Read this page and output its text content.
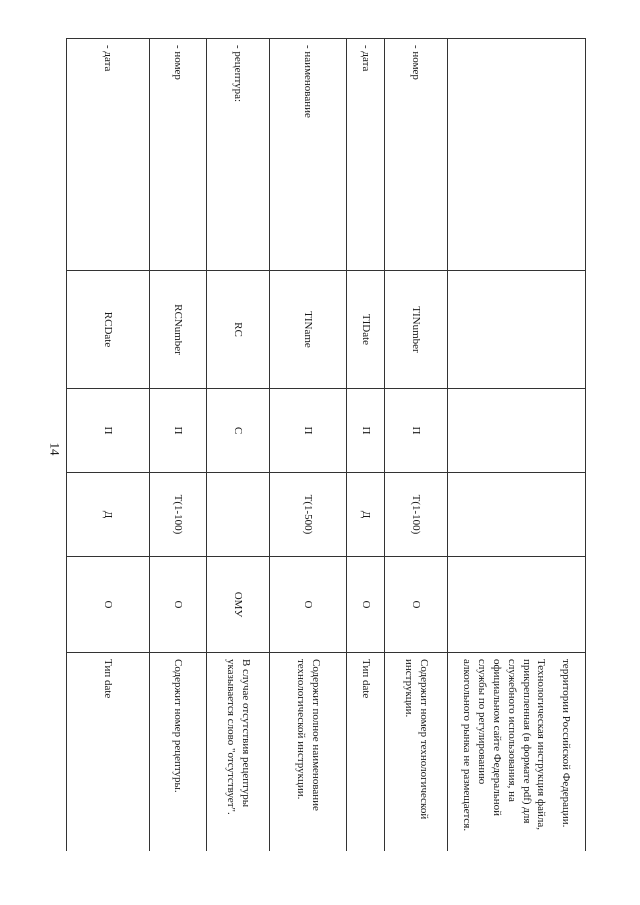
14

					территории Российской Федерации.
Технологическая инструкция файла, прикрепленная (в формате pdf) для служебного использования, на официальном сайте Федеральной службы по регулированию алкогольного рынка не размещается.

- номер	TINumber	П	T(1-100)	О	Содержит номер технологической инструкции.

- дата	TIDate	П	Д	О	Тип date

- наименование	TIName	П	T(1-500)	О	Содержит полное наименование технологической инструкции.

- рецептура:	RC	С		ОМУ	В случае отсутствия рецептуры указывается слово "отсутствует".

- номер	RCNumber	П	T(1-100)	О	Содержит номер рецептуры.

- дата	RCDate	П	Д	О	Тип date
